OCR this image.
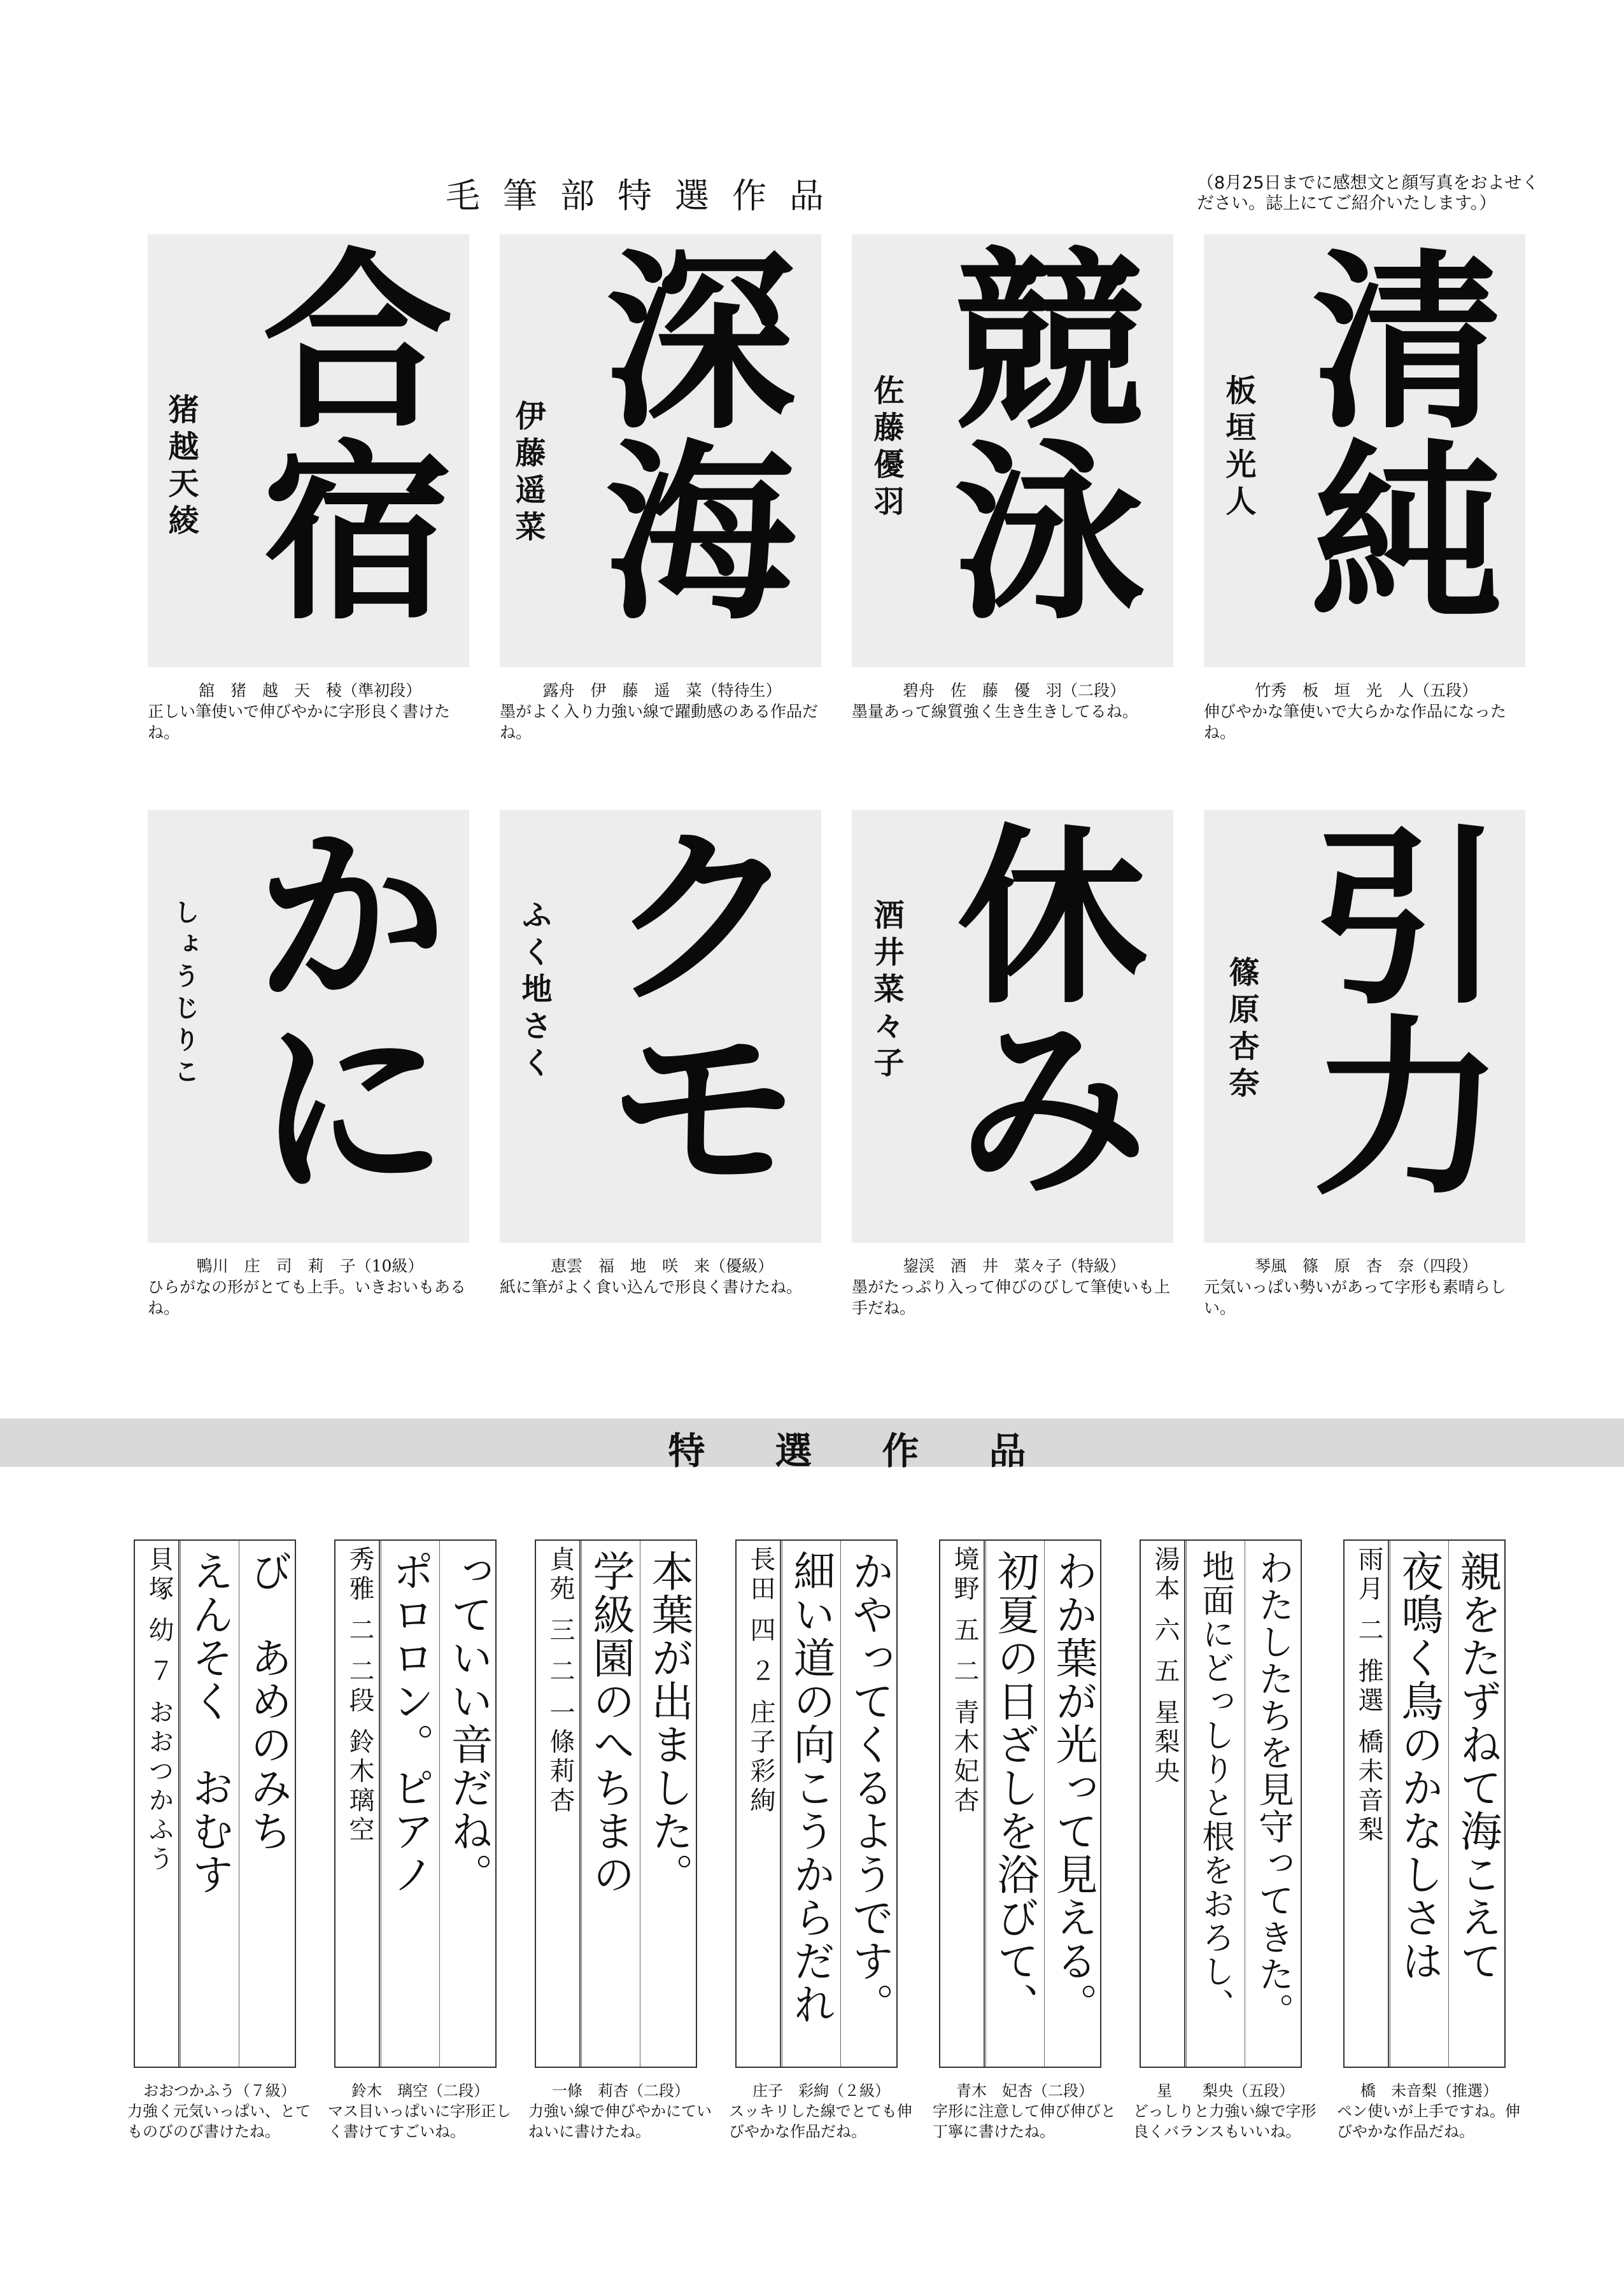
毛筆部特選作品	（8月25日までに感想文と顔写真をおよせください。誌上にてご紹介いたします。）
合
宿
猪越天綾
舘　猪　越　天　稜（準初段）
正しい筆使いで伸びやかに字形良く書けたね。
深
海
伊藤遥菜
露舟　伊　藤　遥　菜（特待生）
墨がよく入り力強い線で躍動感のある作品だね。
競
泳
佐藤優羽
碧舟　佐　藤　優　羽（二段）
墨量あって線質強く生き生きしてるね。
清
純
板垣光人
竹秀　板　垣　光　人（五段）
伸びやかな筆使いで大らかな作品になったね。
か
に
しょうじりこ
鴨川　庄　司　莉　子（10級）
ひらがなの形がとても上手。いきおいもあるね。
ク
モ
ふく地さく
恵雲　福　地　咲　来（優級）
紙に筆がよく食い込んで形良く書けたね。
休
み
酒井菜々子
鋆渓　酒　井　菜々子（特級）
墨がたっぷり入って伸びのびして筆使いも上手だね。
引
力
篠原杏奈
琴風　篠　原　杏　奈（四段）
元気いっぱい勢いがあって字形も素晴らしい。
特選作品
貝塚 幼 ７ おおつかふう えんそく　おむす び　あめのみち
おおつかふう（７級）
力強く元気いっぱい、とてものびのび書けたね。
秀雅 二 二段 鈴木璃空 ポロロン。ピアノ っていい音だね。
鈴木　璃空（二段）
マス目いっぱいに字形正しく書けてすごいね。
貞苑 三 二 一條莉杏 学級園のへちまの 本葉が出ました。
一條　莉杏（二段）
力強い線で伸びやかにていねいに書けたね。
長田 四 ２ 庄子彩絢 細い道の向こうからだれ かやってくるようです。
庄子　彩絢（２級）
スッキリした線でとても伸びやかな作品だね。
境野 五 二 青木妃杏 初夏の日ざしを浴びて、 わか葉が光って見える。
青木　妃杏（二段）
字形に注意して伸び伸びと丁寧に書けたね。
湯本 六 五 星梨央 地面にどっしりと根をおろし、 わたしたちを見守ってきた。
星　　梨央（五段）
どっしりと力強い線で字形良くバランスもいいね。
雨月 二 推選 橋未音梨 夜鳴く鳥のかなしさは 親をたずねて海こえて
橋　未音梨（推選）
ペン使いが上手ですね。伸びやかな作品だね。
